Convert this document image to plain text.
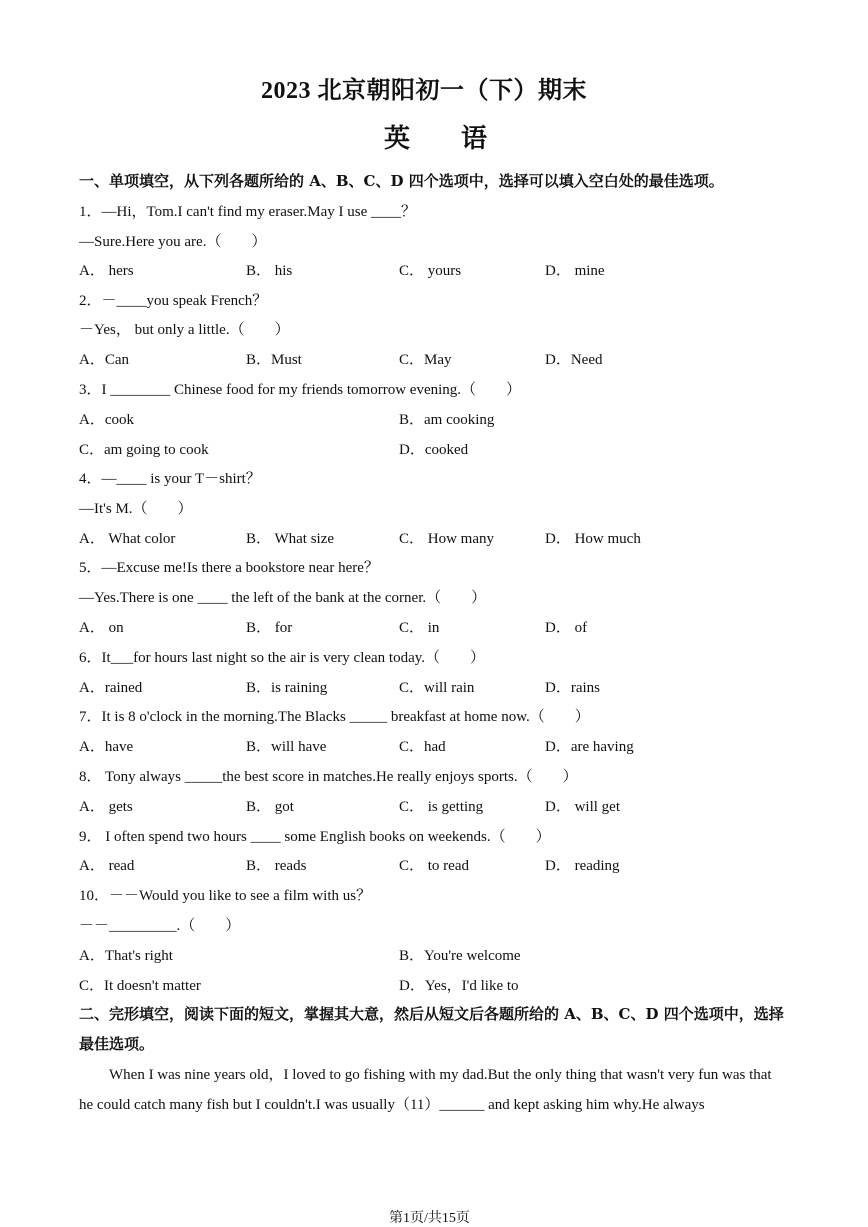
2023 北京朝阳初一（下）期末
英 语
一、单项填空，从下列各题所给的 A、B、C、D 四个选项中，选择可以填入空白处的最佳选项。
1．—Hi，Tom.I can't find my eraser.May I use ____？
—Sure.Here you are.（　　）
A． hers	B． his	C． yours	D． mine
2．－____you speak French？
－Yes， but only a little.（　　）
A．Can	B．Must	C．May	D．Need
3．I ________ Chinese food for my friends tomorrow evening.（　　）
A．cook	B．am cooking
C．am going to cook	D．cooked
4．—____ is your T－shirt？
—It's M.（　　）
A． What color	B． What size	C． How many	D． How much
5．—Excuse me!Is there a bookstore near here？
—Yes.There is one ____ the left of the bank at the corner.（　　）
A． on	B． for	C． in	D． of
6．It___for hours last night so the air is very clean today.（　　）
A．rained	B．is raining	C．will rain	D．rains
7．It is 8 o'clock in the morning.The Blacks _____ breakfast at home now.（　　）
A．have	B．will have	C．had	D．are having
8． Tony always _____the best score in matches.He really enjoys sports.（　　）
A． gets	B． got	C． is getting	D． will get
9． I often spend two hours ____ some English books on weekends.（　　）
A． read	B． reads	C． to read	D． reading
10．－－Would you like to see a film with us？
－－_________.（　　）
A．That's right	B．You're welcome
C．It doesn't matter	D．Yes，I'd like to
二、完形填空，阅读下面的短文，掌握其大意，然后从短文后各题所给的 A、B、C、D 四个选项中，选择
最佳选项。
When I was nine years old，I loved to go fishing with my dad.But the only thing that wasn't very fun was that
he could catch many fish but I couldn't.I was usually（11）______ and kept asking him why.He always
第1页/共15页
